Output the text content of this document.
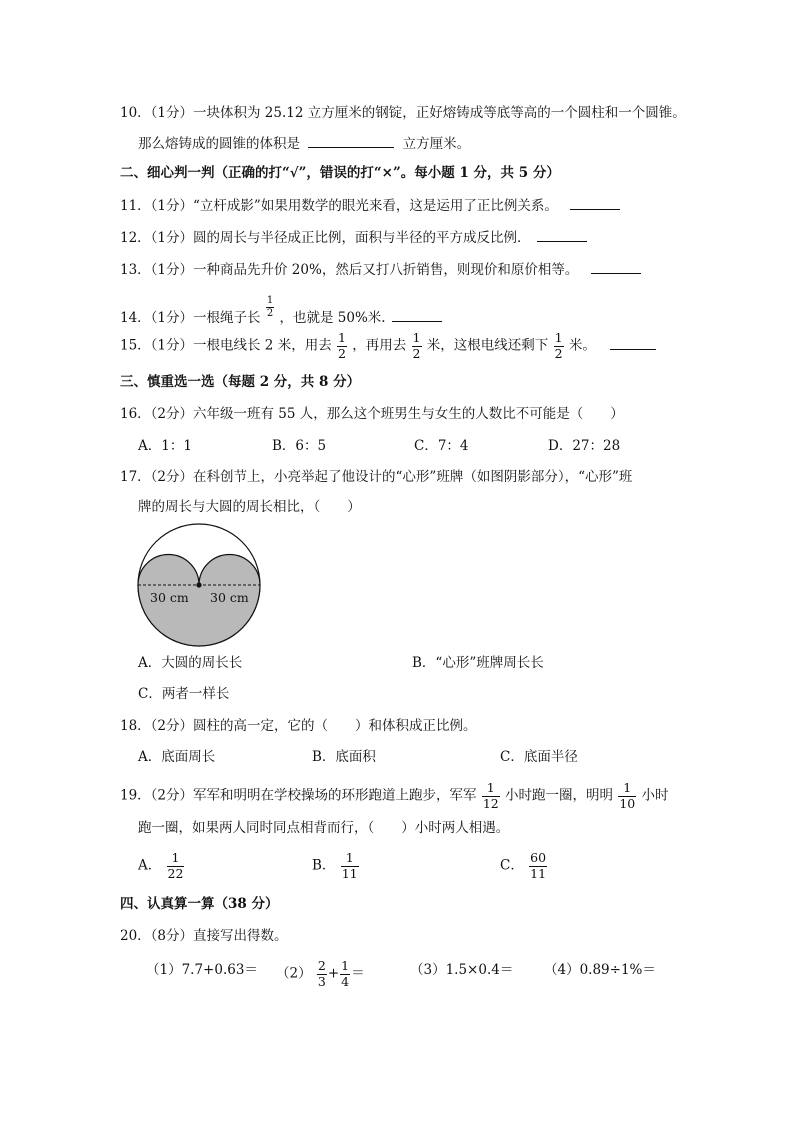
10．（1分）一块体积为 25.12 立方厘米的钢锭，正好熔铸成等底等高的一个圆柱和一个圆锥。
那么熔铸成的圆锥的体积是	立方厘米。
二、细心判一判（正确的打“√”，错误的打“×”。每小题 1 分，共 5 分）
11．（1分）“立杆成影”如果用数学的眼光来看，这是运用了正比例关系。
12．（1分）圆的周长与半径成正比例，面积与半径的平方成反比例．
13．（1分）一种商品先升价 20%，然后又打八折销售，则现价和原价相等。
14．（1分）一根绳子长 $\frac{1}{2}$ ，也就是 50%米.
15．（1分）一根电线长 2 米，用去 $\frac{1}{2}$ ，再用去 $\frac{1}{2}$ 米，这根电线还剩下 $\frac{1}{2}$ 米。
三、慎重选一选（每题 2 分，共 8 分）
16．（2分）六年级一班有 55 人，那么这个班男生与女生的人数比不可能是（　　）
A．1：1	B．6：5	C．7：4	D．27：28
17．（2分）在科创节上，小亮举起了他设计的“心形”班牌（如图阴影部分），“心形”班
牌的周长与大圆的周长相比，（　　）
30 cm 30 cm
A．大圆的周长长	B．“心形”班牌周长长
C．两者一样长
18．（2分）圆柱的高一定，它的（　　）和体积成正比例。
A．底面周长	B．底面积	C．底面半径
19．（2分）军军和明明在学校操场的环形跑道上跑步，军军 $\frac{1}{12}$ 小时跑一圈，明明 $\frac{1}{10}$ 小时
跑一圈，如果两人同时同点相背而行，（　　）小时两人相遇。
A． $\frac{1}{22}$	B． $\frac{1}{11}$	C． $\frac{60}{11}$
四、认真算一算（38 分）
20．（8分）直接写出得数。
$(1)7.7+0.63= (2) \frac{2}{3} + \frac{1}{4}$ ＝	（3）1.5×0.4＝ （4）0.89÷1%＝
